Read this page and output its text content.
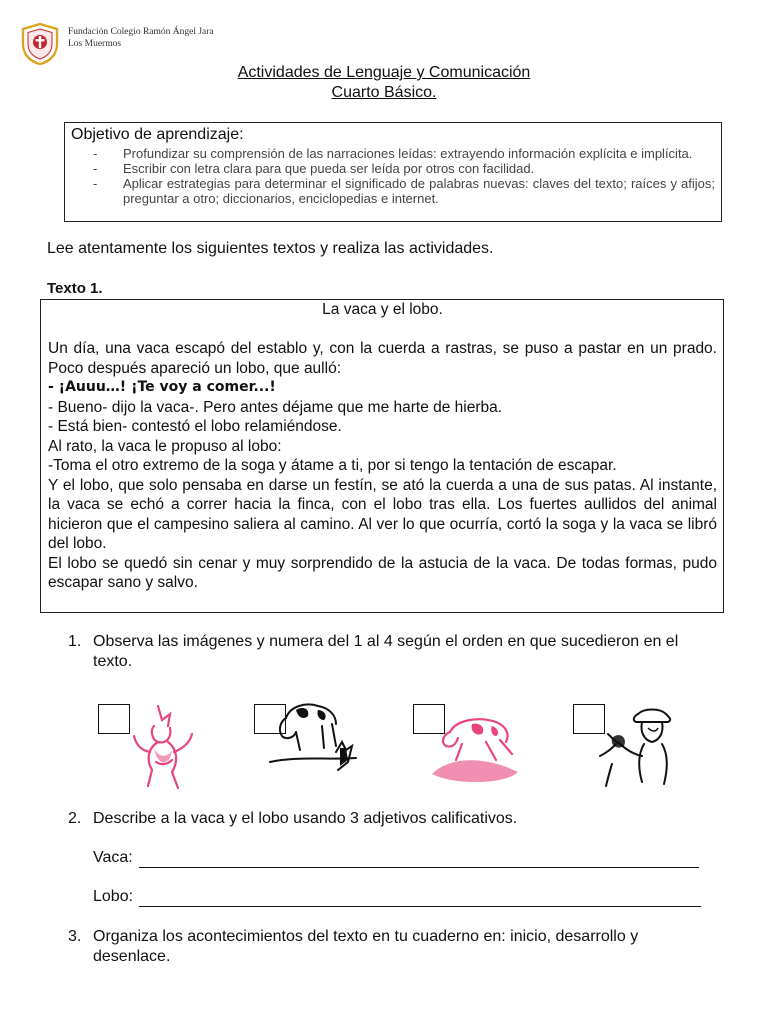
· ·
Fundación Colegio Ramón Ángel Jara
Los Muermos
Actividades de Lenguaje y Comunicación
Cuarto Básico.
Objetivo de aprendizaje:
- Profundizar su comprensión de las narraciones leídas: extrayendo información explícita e implícita.
- Escribir con letra clara para que pueda ser leída por otros con facilidad.
- Aplicar estrategias para determinar el significado de palabras nuevas: claves del texto; raíces y afijos; preguntar a otro; diccionarios, enciclopedias e internet.
Lee atentamente los siguientes textos y realiza las actividades.
Texto 1.
La vaca y el lobo.

Un día, una vaca escapó del establo y, con la cuerda a rastras, se puso a pastar en un prado. Poco después apareció un lobo, que aulló:

- ¡Auuu…! ¡Te voy a comer...!

- Bueno- dijo la vaca-. Pero antes déjame que me harte de hierba.

- Está bien- contestó el lobo relamiéndose.

Al rato, la vaca le propuso al lobo:

-Toma el otro extremo de la soga y átame a ti, por si tengo la tentación de escapar.

Y el lobo, que solo pensaba en darse un festín, se ató la cuerda a una de sus patas. Al instante, la vaca se echó a correr hacia la finca, con el lobo tras ella. Los fuertes aullidos del animal hicieron que el campesino saliera al camino. Al ver lo que ocurría, cortó la soga y la vaca se libró del lobo.

El lobo se quedó sin cenar y muy sorprendido de la astucia de la vaca. De todas formas, pudo escapar sano y salvo.

1. Observa las imágenes y numera del 1 al 4 según el orden en que sucedieron en el texto.
2. Describe a la vaca y el lobo usando 3 adjetivos calificativos.
Vaca:
Lobo:
3. Organiza los acontecimientos del texto en tu cuaderno en: inicio, desarrollo y desenlace.
